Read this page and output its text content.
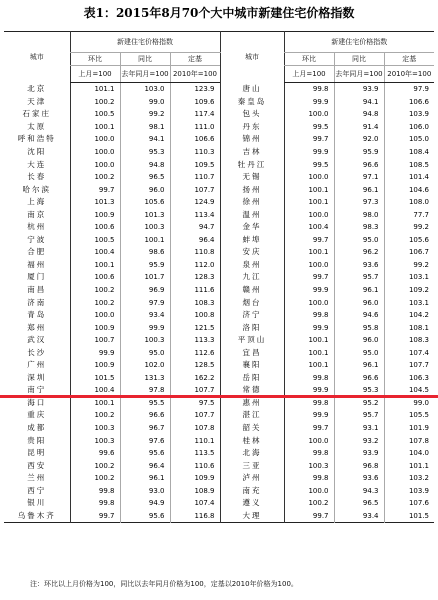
表1：2015年8月70个大中城市新建住宅价格指数
城市	新建住宅价格指数			城市	新建住宅价格指数		
	环比	同比	定基		环比	同比	定基
	上月=100	去年同月=100	2010年=100		上月=100	去年同月=100	2010年=100
北京	101.1	103.0	123.9	唐山	99.8	93.9	97.9
天津	100.2	99.0	109.6	秦皇岛	99.9	94.1	106.6
石家庄	100.5	99.2	117.4	包头	100.0	94.8	103.9
太原	100.1	98.1	111.0	丹东	99.5	91.4	106.0
呼和浩特	100.0	94.1	106.6	锦州	99.7	92.0	105.0
沈阳	100.0	95.3	110.3	吉林	99.9	95.9	108.4
大连	100.0	94.8	109.5	牡丹江	99.5	96.6	108.5
长春	100.2	96.5	110.7	无锡	100.0	97.1	101.4
哈尔滨	99.7	96.0	107.7	扬州	100.1	96.1	104.6
上海	101.3	105.6	124.9	徐州	100.1	97.3	108.0
南京	100.9	101.3	113.4	温州	100.0	98.0	77.7
杭州	100.6	100.3	94.7	金华	100.4	98.3	99.2
宁波	100.5	100.1	96.4	蚌埠	99.7	95.0	105.6
合肥	100.4	98.6	110.8	安庆	100.1	96.2	106.7
福州	100.1	95.9	112.0	泉州	100.0	93.6	99.2
厦门	100.6	101.7	128.3	九江	99.7	95.7	103.1
南昌	100.2	96.9	111.6	赣州	99.9	96.1	109.2
济南	100.2	97.9	108.3	烟台	100.0	96.0	103.1
青岛	100.0	93.4	100.8	济宁	99.8	94.6	104.2
郑州	100.9	99.9	121.5	洛阳	99.9	95.8	108.1
武汉	100.7	100.3	113.3	平顶山	100.1	96.0	108.3
长沙	99.9	95.0	112.6	宜昌	100.1	95.0	107.4
广州	100.9	102.0	128.5	襄阳	100.1	96.1	107.7
深圳	101.5	131.3	162.2	岳阳	99.8	96.6	106.3
南宁	100.4	97.8	107.7	常德	99.9	95.3	104.5
海口	100.1	95.5	97.5	惠州	99.8	95.2	99.0
重庆	100.2	96.6	107.7	湛江	99.9	95.7	105.5
成都	100.3	96.7	107.8	韶关	99.7	93.1	101.9
贵阳	100.3	97.6	110.1	桂林	100.0	93.2	107.8
昆明	99.6	95.6	113.5	北海	99.8	93.9	104.0
西安	100.2	96.4	110.6	三亚	100.3	96.8	101.1
兰州	100.2	96.1	109.9	泸州	99.8	93.6	103.2
西宁	99.8	93.0	108.9	南充	100.0	94.3	103.9
银川	99.8	94.9	107.4	遵义	100.2	96.5	107.6
乌鲁木齐	99.7	95.6	116.8	大理	99.7	93.4	101.5
注：环比以上月价格为100，同比以去年同月价格为100，定基以2010年价格为100。
